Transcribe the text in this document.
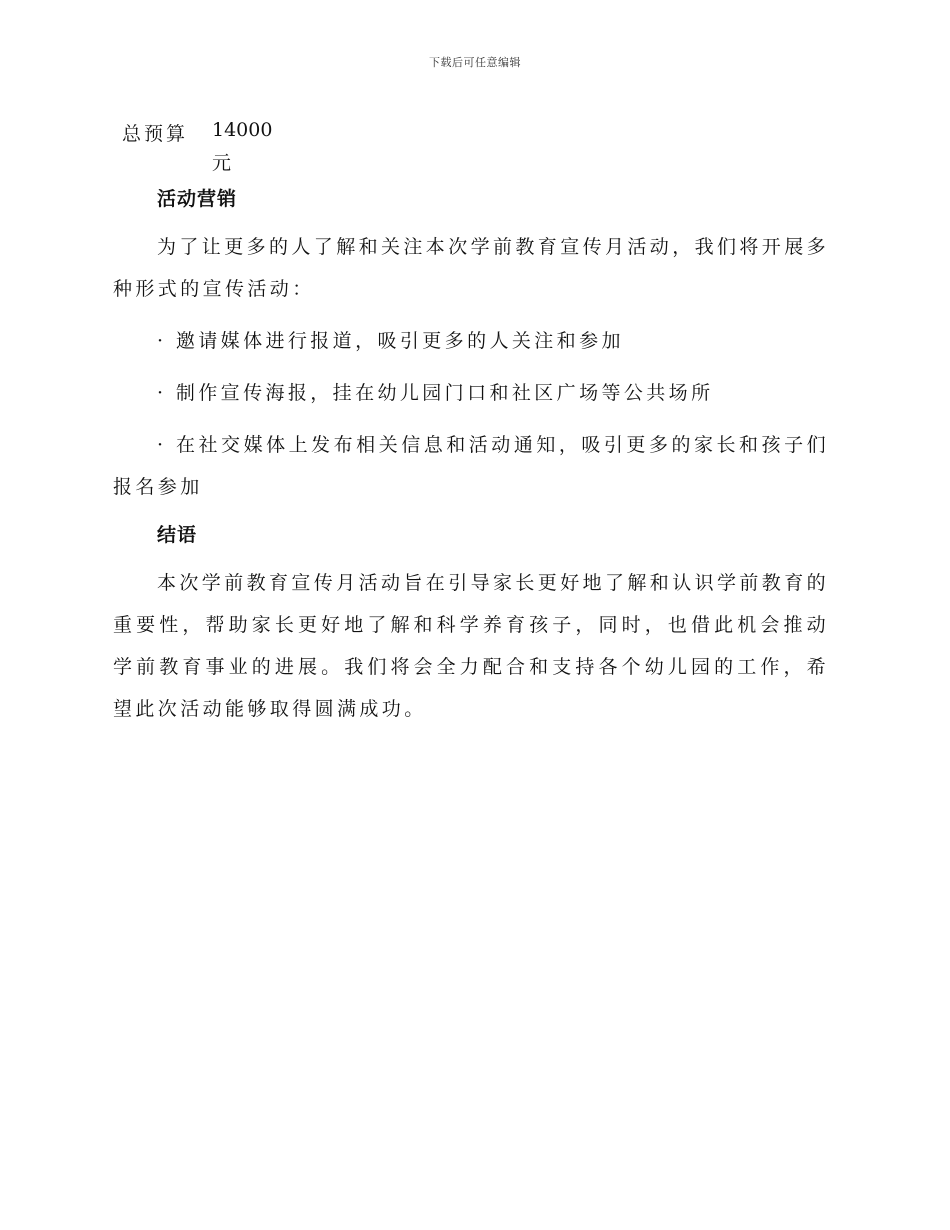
下载后可任意编辑
总预算 14000
元
活动营销

为了让更多的人了解和关注本次学前教育宣传月活动，我们将开展多种形式的宣传活动：

· 邀请媒体进行报道，吸引更多的人关注和参加

· 制作宣传海报，挂在幼儿园门口和社区广场等公共场所

· 在社交媒体上发布相关信息和活动通知，吸引更多的家长和孩子们报名参加

结语

本次学前教育宣传月活动旨在引导家长更好地了解和认识学前教育的重要性，帮助家长更好地了解和科学养育孩子，同时，也借此机会推动学前教育事业的进展。我们将会全力配合和支持各个幼儿园的工作，希望此次活动能够取得圆满成功。
